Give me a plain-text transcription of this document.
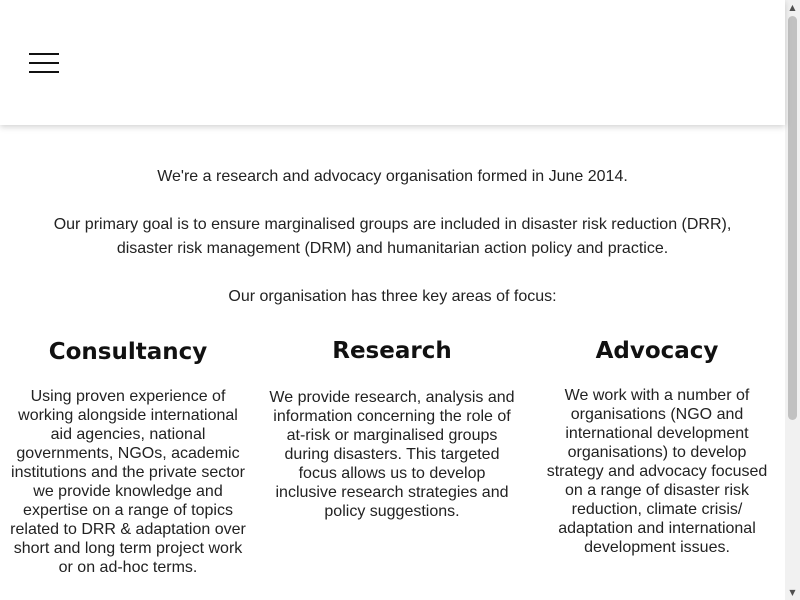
We're a research and advocacy organisation formed in June 2014.
Our primary goal is to ensure marginalised groups are included in disaster risk reduction (DRR),
disaster risk management (DRM) and humanitarian action policy and practice.
Our organisation has three key areas of focus:
Consultancy

Using proven experience of
working alongside international
aid agencies, national
governments, NGOs, academic
institutions and the private sector
we provide knowledge and
expertise on a range of topics
related to DRR & adaptation over
short and long term project work
or on ad-hoc terms.

Research

We provide research, analysis and
information concerning the role of
at-risk or marginalised groups
during disasters. This targeted
focus allows us to develop
inclusive research strategies and
policy suggestions.

Advocacy

We work with a number of
organisations (NGO and
international development
organisations) to develop
strategy and advocacy focused
on a range of disaster risk
reduction, climate crisis/
adaptation and international
development issues.

▲
▼
